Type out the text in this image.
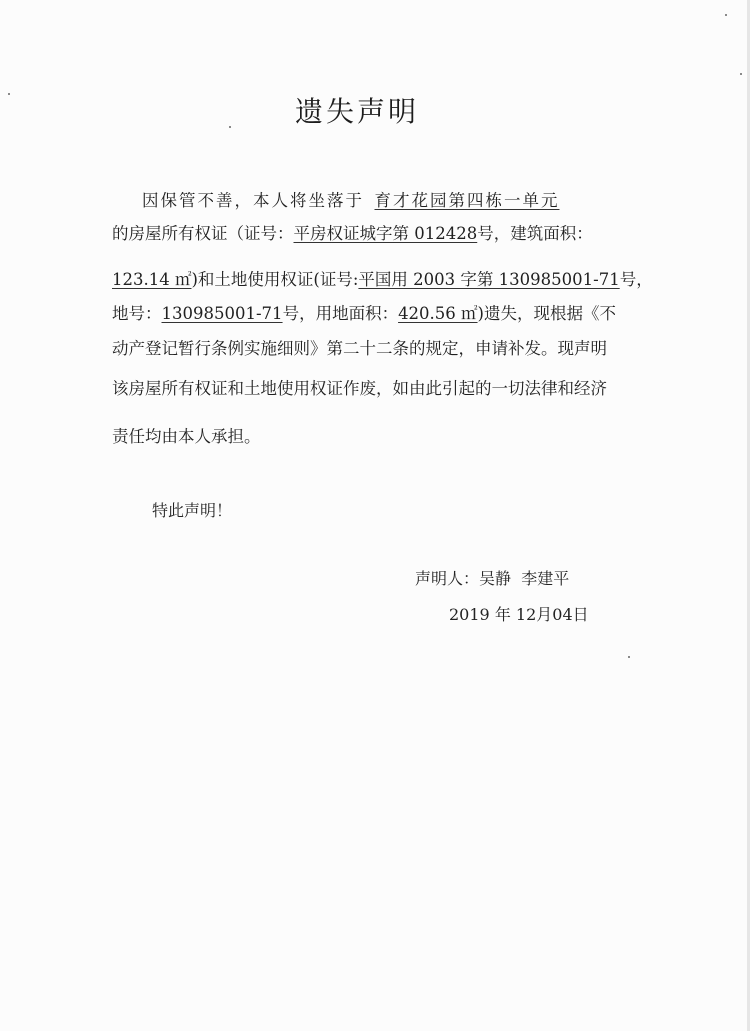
遗失声明
因保管不善，本人将坐落于 育才花园第四栋一单元
的房屋所有权证（证号：平房权证城字第 012428号，建筑面积：
123.14 ㎡)和土地使用权证(证号:平国用 2003 字第 130985001-71号，
地号：130985001-71号，用地面积：420.56 ㎡)遗失，现根据《不
动产登记暂行条例实施细则》第二十二条的规定，申请补发。现声明
该房屋所有权证和土地使用权证作废，如由此引起的一切法律和经济
责任均由本人承担。
特此声明！
声明人：吴静  李建平
2019 年 12月04日
